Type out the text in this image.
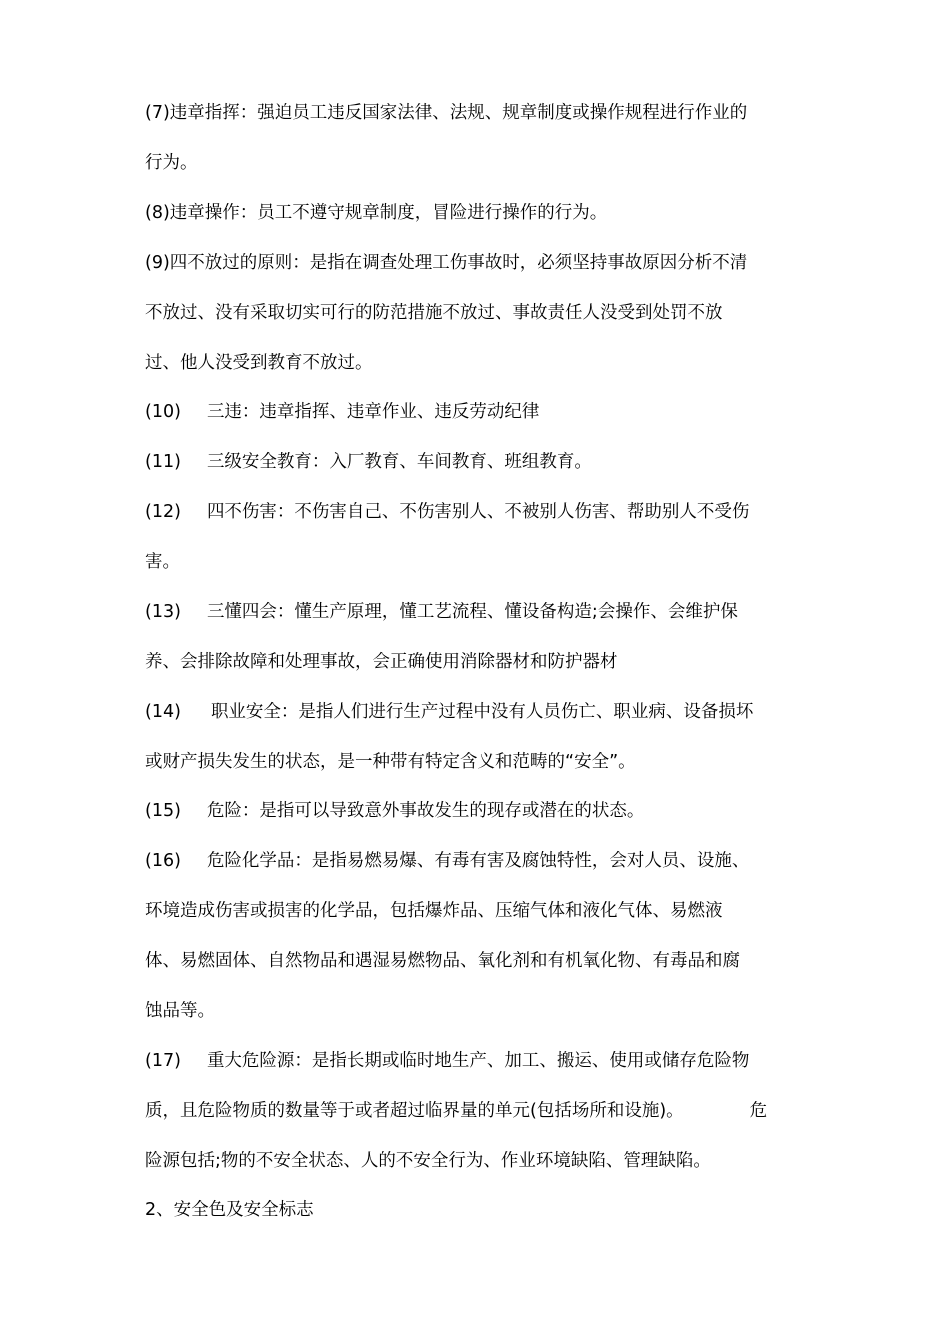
(7)违章指挥：强迫员工违反国家法律、法规、规章制度或操作规程进行作业的
行为。
(8)违章操作：员工不遵守规章制度，冒险进行操作的行为。
(9)四不放过的原则：是指在调查处理工伤事故时，必须坚持事故原因分析不清
不放过、没有采取切实可行的防范措施不放过、事故责任人没受到处罚不放
过、他人没受到教育不放过。
(10) 三违：违章指挥、违章作业、违反劳动纪律
(11) 三级安全教育：入厂教育、车间教育、班组教育。
(12) 四不伤害：不伤害自己、不伤害别人、不被别人伤害、帮助别人不受伤
害。
(13) 三懂四会：懂生产原理，懂工艺流程、懂设备构造;会操作、会维护保
养、会排除故障和处理事故，会正确使用消除器材和防护器材
(14) 职业安全：是指人们进行生产过程中没有人员伤亡、职业病、设备损坏
或财产损失发生的状态，是一种带有特定含义和范畴的“安全”。
(15) 危险：是指可以导致意外事故发生的现存或潜在的状态。
(16) 危险化学品：是指易燃易爆、有毒有害及腐蚀特性，会对人员、设施、
环境造成伤害或损害的化学品，包括爆炸品、压缩气体和液化气体、易燃液
体、易燃固体、自然物品和遇湿易燃物品、氧化剂和有机氧化物、有毒品和腐
蚀品等。
(17) 重大危险源：是指长期或临时地生产、加工、搬运、使用或储存危险物
质，且危险物质的数量等于或者超过临界量的单元(包括场所和设施)。	危
险源包括;物的不安全状态、人的不安全行为、作业环境缺陷、管理缺陷。
2、安全色及安全标志
